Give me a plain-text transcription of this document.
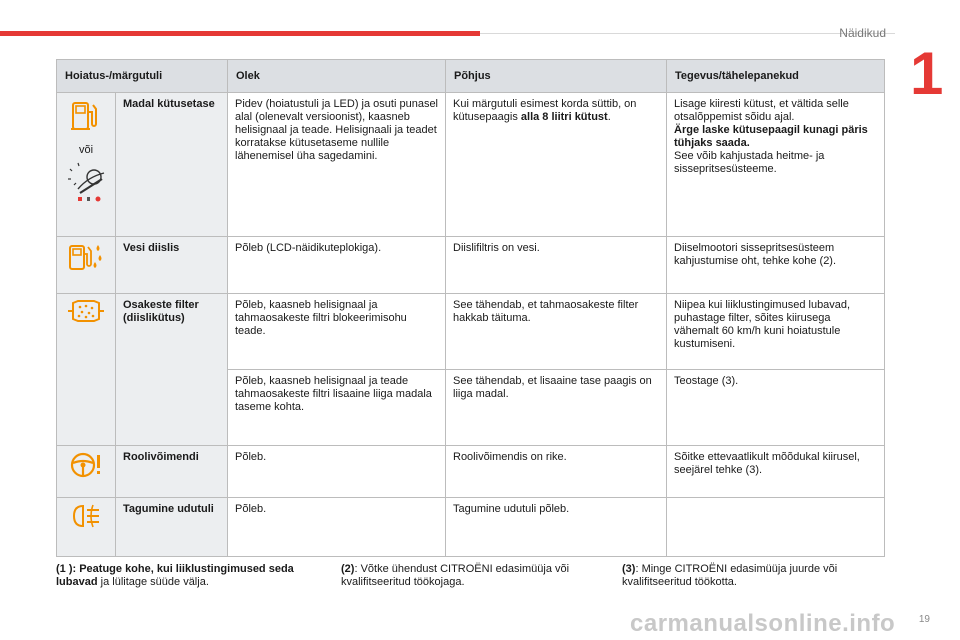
Näidikud
1
Hoiatus-/märgutuli		Olek	Põhjus	Tegevus/tähelepanekud

või	Madal kütusetase	Pidev (hoiatustuli ja LED) ja osuti punasel alal (olenevalt versioonist), kaasneb helisignaal ja teade. Helisignaali ja teadet korratakse kütusetaseme nullile lähenemisel üha sagedamini.	Kui märgutuli esimest korda süttib, on kütusepaagis alla 8 liitri kütust.	Lisage kiiresti kütust, et vältida selle otsalõppemist sõidu ajal.
Ärge laske kütusepaagil kunagi päris tühjaks saada.
See võib kahjustada heitme- ja sissepritsesüsteeme.
	Vesi diislis	Põleb (LCD-näidikuteplokiga).	Diislifiltris on vesi.	Diiselmootori sissepritsesüsteem kahjustumise oht, tehke kohe (2).
	Osakeste filter (diislikütus)	Põleb, kaasneb helisignaal ja tahmaosakeste filtri blokeerimisohu teade.	See tähendab, et tahmaosakeste filter hakkab täituma.	Niipea kui liiklustingimused lubavad, puhastage filter, sõites kiirusega vähemalt 60 km/h kuni hoiatustule kustumiseni.
		Põleb, kaasneb helisignaal ja teade tahmaosakeste filtri lisaaine liiga madala taseme kohta.	See tähendab, et lisaaine tase paagis on liiga madal.	Teostage (3).
	Roolivõimendi	Põleb.	Roolivõimendis on rike.	Sõitke ettevaatlikult mõõdukal kiirusel, seejärel tehke (3).
	Tagumine udutuli	Põleb.	Tagumine udutuli põleb.	
(1 ): Peatuge kohe, kui liiklustingimused seda lubavad ja lülitage süüde välja.
(2): Võtke ühendust CITROËNI edasimüüja või kvalifitseeritud töökojaga.
(3): Minge CITROËNI edasimüüja juurde või kvalifitseeritud töökotta.
carmanualsonline.info 19
